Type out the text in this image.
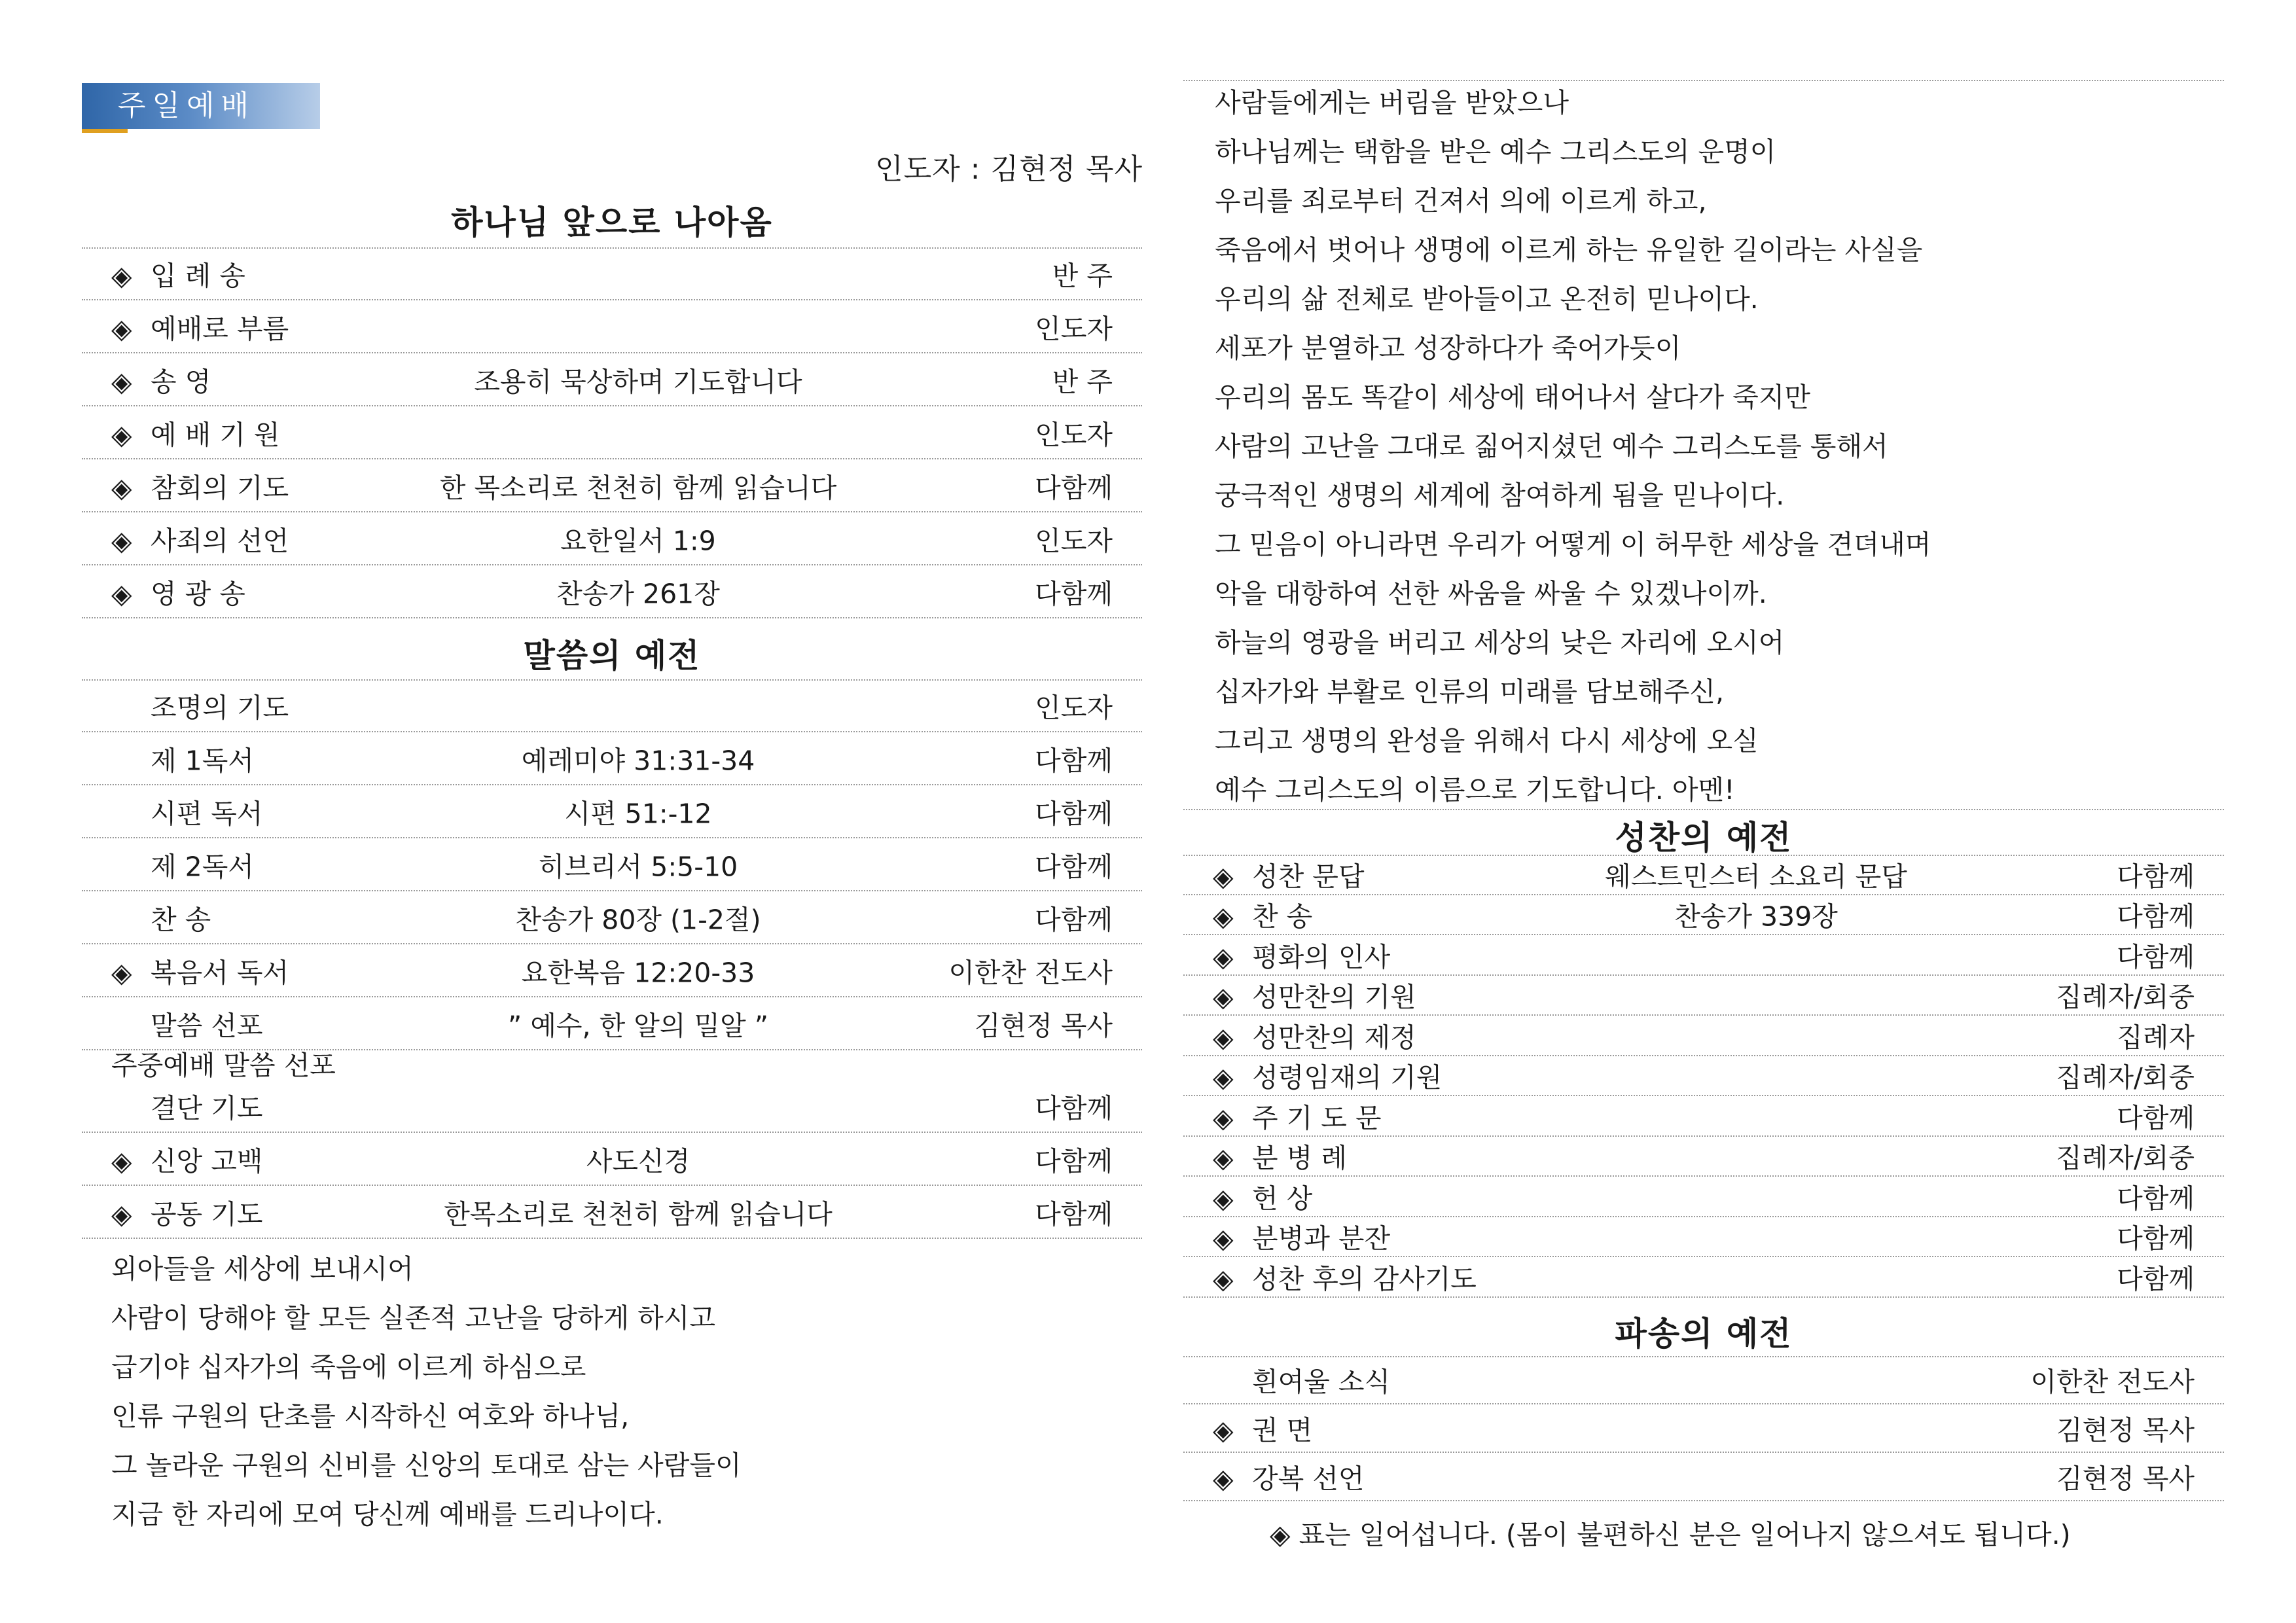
주일예배
인도자 : 김현정 목사
하나님 앞으로 나아옴
◈ 입 례 송	반 주
◈ 예배로 부름	인도자
◈ 송 영	조용히 묵상하며 기도합니다	반 주
◈ 예 배 기 원	인도자
◈ 참회의 기도	한 목소리로 천천히 함께 읽습니다	다함께
◈ 사죄의 선언	요한일서 1:9	인도자
◈ 영 광 송	찬송가 261장	다함께
말씀의 예전
조명의 기도	인도자
제 1독서	예레미야 31:31-34	다함께
시편 독서	시편 51:-12	다함께
제 2독서	히브리서 5:5-10	다함께
찬 송	찬송가 80장 (1-2절)	다함께
◈ 복음서 독서	요한복음 12:20-33	이한찬 전도사
말씀 선포	” 예수, 한 알의 밀알 ”	김현정 목사
주중예배 말씀 선포
결단 기도	다함께
◈ 신앙 고백	사도신경	다함께
◈ 공동 기도	한목소리로 천천히 함께 읽습니다	다함께
외아들을 세상에 보내시어
사람이 당해야 할 모든 실존적 고난을 당하게 하시고
급기야 십자가의 죽음에 이르게 하심으로
인류 구원의 단초를 시작하신 여호와 하나님,
그 놀라운 구원의 신비를 신앙의 토대로 삼는 사람들이
지금 한 자리에 모여 당신께 예배를 드리나이다.
사람들에게는 버림을 받았으나
하나님께는 택함을 받은 예수 그리스도의 운명이
우리를 죄로부터 건져서 의에 이르게 하고,
죽음에서 벗어나 생명에 이르게 하는 유일한 길이라는 사실을
우리의 삶 전체로 받아들이고 온전히 믿나이다.
세포가 분열하고 성장하다가 죽어가듯이
우리의 몸도 똑같이 세상에 태어나서 살다가 죽지만
사람의 고난을 그대로 짊어지셨던 예수 그리스도를 통해서
궁극적인 생명의 세계에 참여하게 됨을 믿나이다.
그 믿음이 아니라면 우리가 어떻게 이 허무한 세상을 견뎌내며
악을 대항하여 선한 싸움을 싸울 수 있겠나이까.
하늘의 영광을 버리고 세상의 낮은 자리에 오시어
십자가와 부활로 인류의 미래를 담보해주신,
그리고 생명의 완성을 위해서 다시 세상에 오실
예수 그리스도의 이름으로 기도합니다. 아멘!
성찬의 예전
◈ 성찬 문답	웨스트민스터 소요리 문답	다함께
◈ 찬 송	찬송가 339장	다함께
◈ 평화의 인사	다함께
◈ 성만찬의 기원	집례자/회중
◈ 성만찬의 제정	집례자
◈ 성령임재의 기원	집례자/회중
◈ 주 기 도 문	다함께
◈ 분 병 례	집례자/회중
◈ 헌 상	다함께
◈ 분병과 분잔	다함께
◈ 성찬 후의 감사기도	다함께
파송의 예전
흰여울 소식	이한찬 전도사
◈ 권 면	김현정 목사
◈ 강복 선언	김현정 목사
◈ 표는 일어섭니다. (몸이 불편하신 분은 일어나지 않으셔도 됩니다.)
